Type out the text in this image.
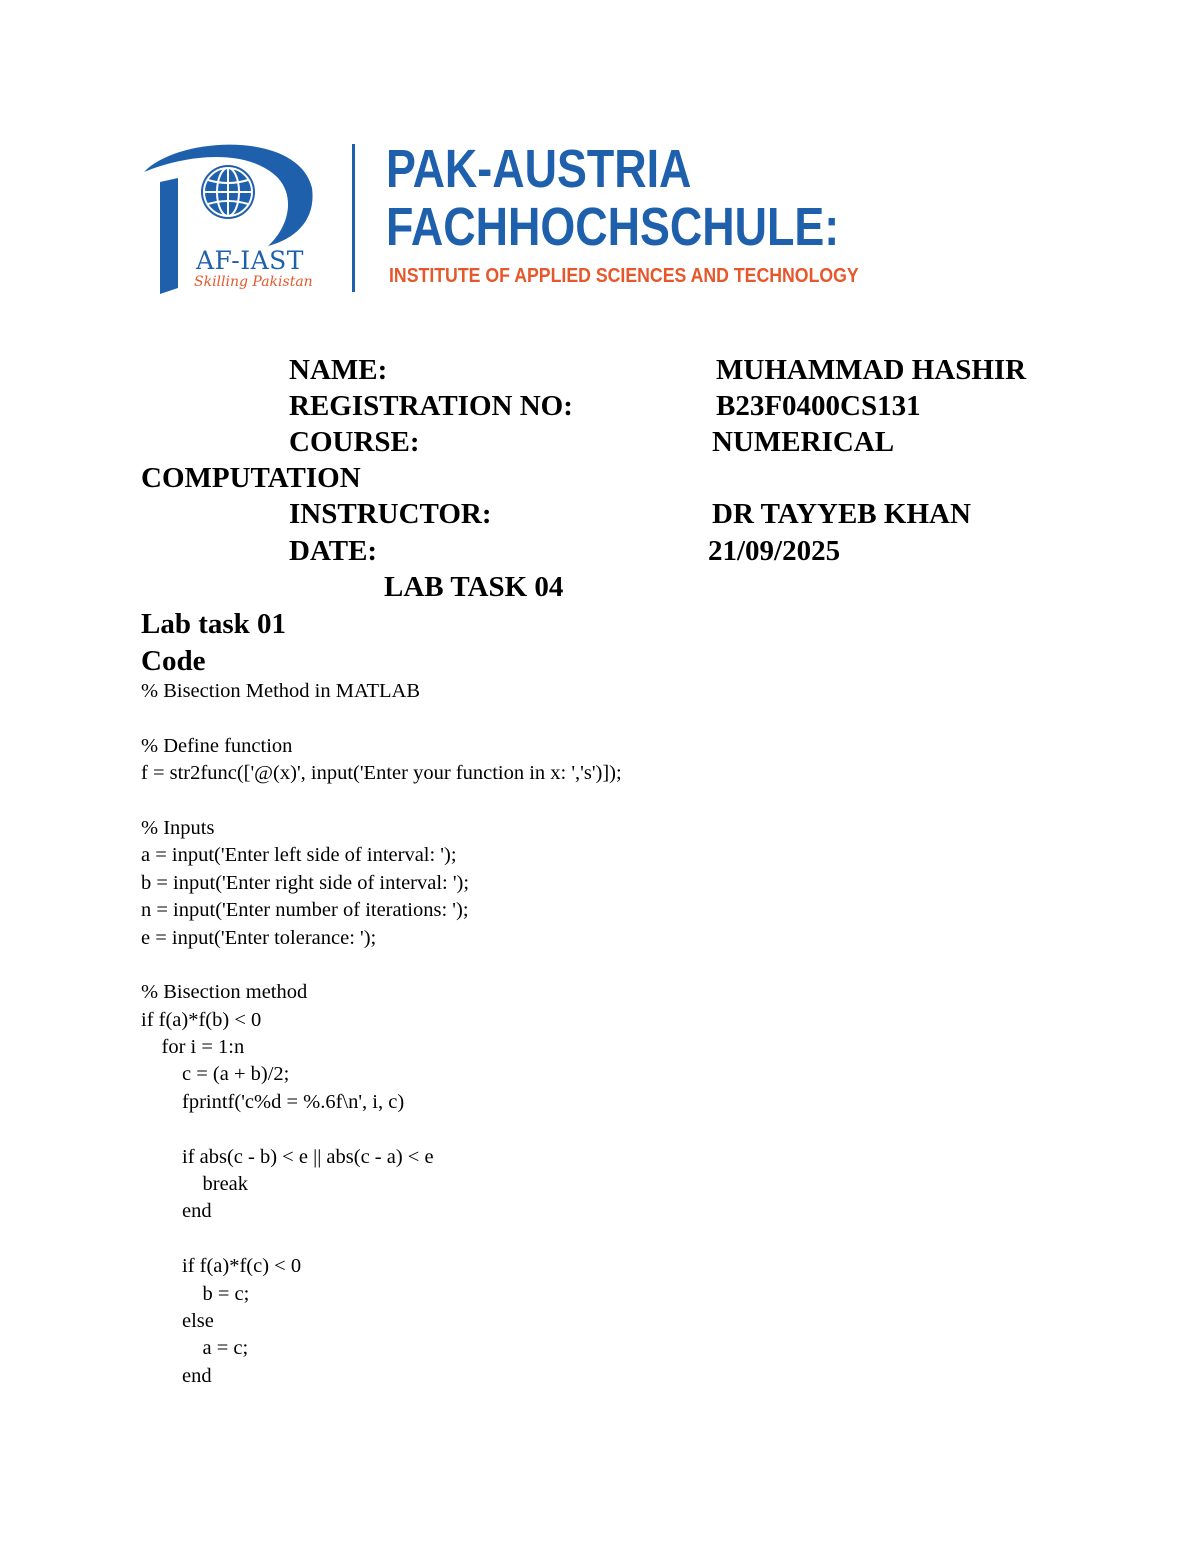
AF-IAST
Skilling Pakistan
PAK-AUSTRIA
FACHHOCHSCHULE:
INSTITUTE OF APPLIED SCIENCES AND TECHNOLOGY
NAME:	MUHAMMAD HASHIR
REGISTRATION NO:	B23F0400CS131
COURSE:	NUMERICAL
COMPUTATION
INSTRUCTOR:	DR TAYYEB KHAN
DATE:	21/09/2025
LAB TASK 04
Lab task 01
Code
% Bisection Method in MATLAB
% Define function
f = str2func(['@(x)', input('Enter your function in x: ','s')]);
% Inputs
a = input('Enter left side of interval: ');
b = input('Enter right side of interval: ');
n = input('Enter number of iterations: ');
e = input('Enter tolerance: ');
% Bisection method
if f(a)*f(b) < 0
for i = 1:n
c = (a + b)/2;
fprintf('c%d = %.6f\n', i, c)
if abs(c - b) < e || abs(c - a) < e
break
end
if f(a)*f(c) < 0
b = c;
else
a = c;
end
